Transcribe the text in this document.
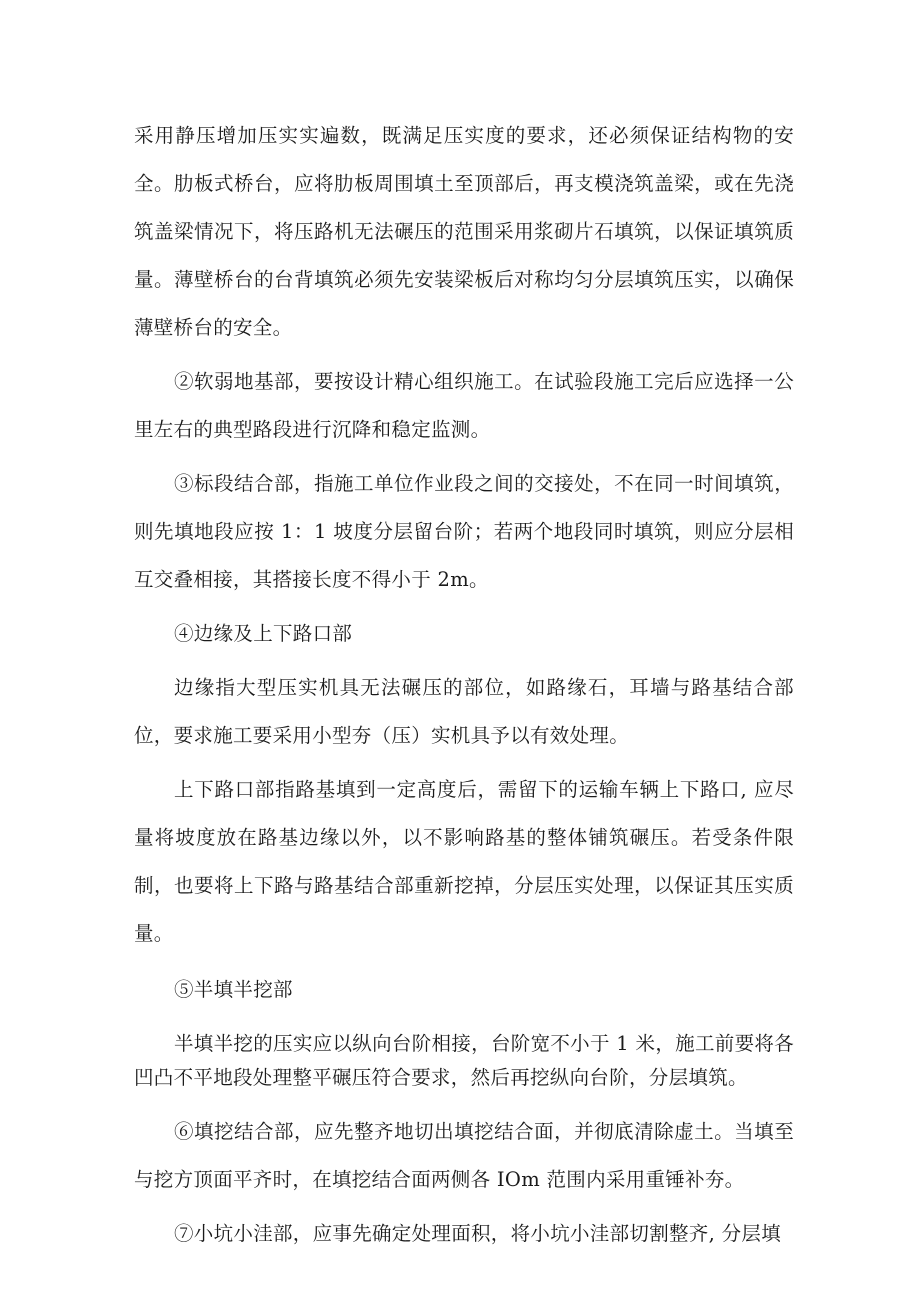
采用静压增加压实实遍数，既满足压实度的要求，还必须保证结构物的安全。肋板式桥台，应将肋板周围填土至顶部后，再支模浇筑盖梁，或在先浇筑盖梁情况下，将压路机无法碾压的范围采用浆砌片石填筑，以保证填筑质量。薄壁桥台的台背填筑必须先安装梁板后对称均匀分层填筑压实，以确保薄壁桥台的安全。

②软弱地基部，要按设计精心组织施工。在试验段施工完后应选择一公里左右的典型路段进行沉降和稳定监测。

③标段结合部，指施工单位作业段之间的交接处，不在同一时间填筑，则先填地段应按 1：1 坡度分层留台阶；若两个地段同时填筑，则应分层相互交叠相接，其搭接长度不得小于 2m。

④边缘及上下路口部

边缘指大型压实机具无法碾压的部位，如路缘石，耳墙与路基结合部位，要求施工要采用小型夯（压）实机具予以有效处理。

上下路口部指路基填到一定高度后，需留下的运输车辆上下路口, 应尽量将坡度放在路基边缘以外，以不影响路基的整体铺筑碾压。若受条件限制，也要将上下路与路基结合部重新挖掉，分层压实处理，以保证其压实质量。

⑤半填半挖部

半填半挖的压实应以纵向台阶相接，台阶宽不小于 1 米，施工前要将各凹凸不平地段处理整平碾压符合要求，然后再挖纵向台阶，分层填筑。

⑥填挖结合部，应先整齐地切出填挖结合面，并彻底清除虚土。当填至与挖方顶面平齐时，在填挖结合面两侧各 IOm 范围内采用重锤补夯。

⑦小坑小洼部，应事先确定处理面积，将小坑小洼部切割整齐, 分层填
